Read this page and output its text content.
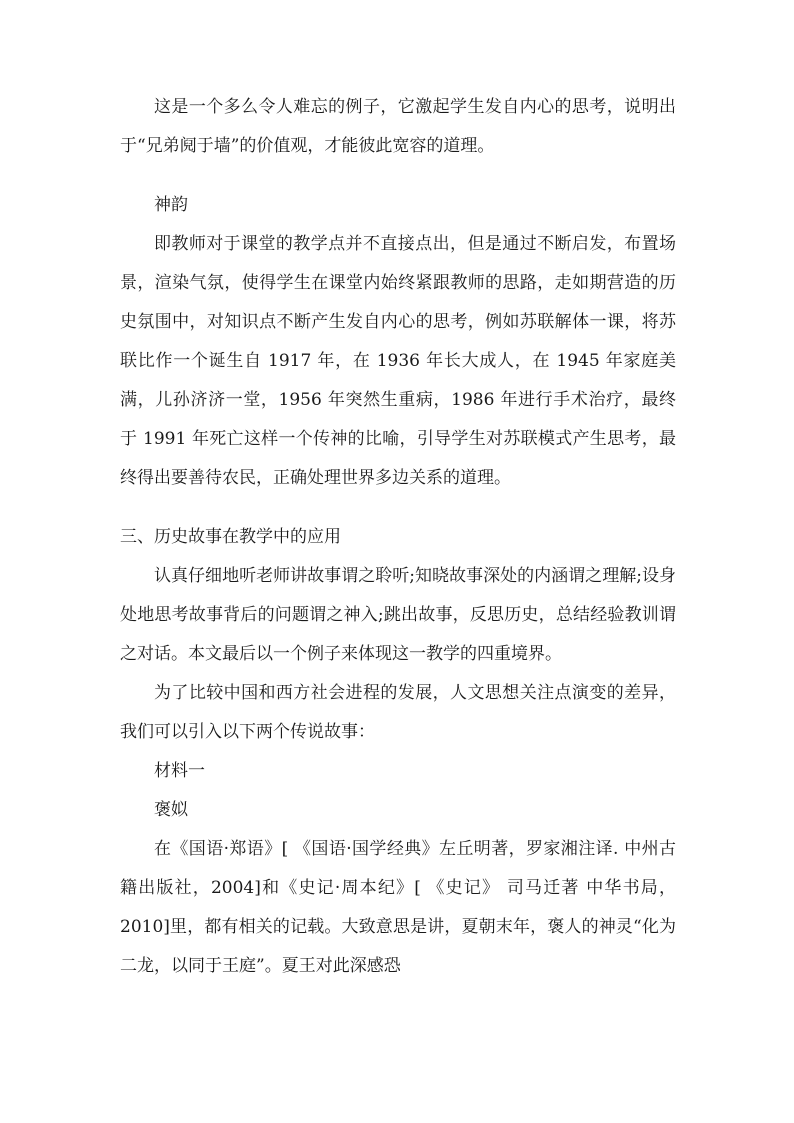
这是一个多么令人难忘的例子，它激起学生发自内心的思考，说明出于“兄弟阋于墙”的价值观，才能彼此宽容的道理。

神韵

即教师对于课堂的教学点并不直接点出，但是通过不断启发，布置场景，渲染气氛，使得学生在课堂内始终紧跟教师的思路，走如期营造的历史氛围中，对知识点不断产生发自内心的思考，例如苏联解体一课，将苏联比作一个诞生自 1917 年，在 1936 年长大成人，在 1945 年家庭美满，儿孙济济一堂，1956 年突然生重病，1986 年进行手术治疗，最终于 1991 年死亡这样一个传神的比喻，引导学生对苏联模式产生思考，最终得出要善待农民，正确处理世界多边关系的道理。

三、历史故事在教学中的应用

认真仔细地听老师讲故事谓之聆听;知晓故事深处的内涵谓之理解;设身处地思考故事背后的问题谓之神入;跳出故事，反思历史，总结经验教训谓之对话。本文最后以一个例子来体现这一教学的四重境界。

为了比较中国和西方社会进程的发展，人文思想关注点演变的差异，我们可以引入以下两个传说故事：

材料一

褒姒

在《国语·郑语》[ 《国语·国学经典》左丘明著，罗家湘注译. 中州古籍出版社，2004]和《史记·周本纪》[ 《史记》 司马迁著 中华书局，2010]里，都有相关的记载。大致意思是讲，夏朝末年，褒人的神灵“化为二龙，以同于王庭”。夏王对此深感恐
